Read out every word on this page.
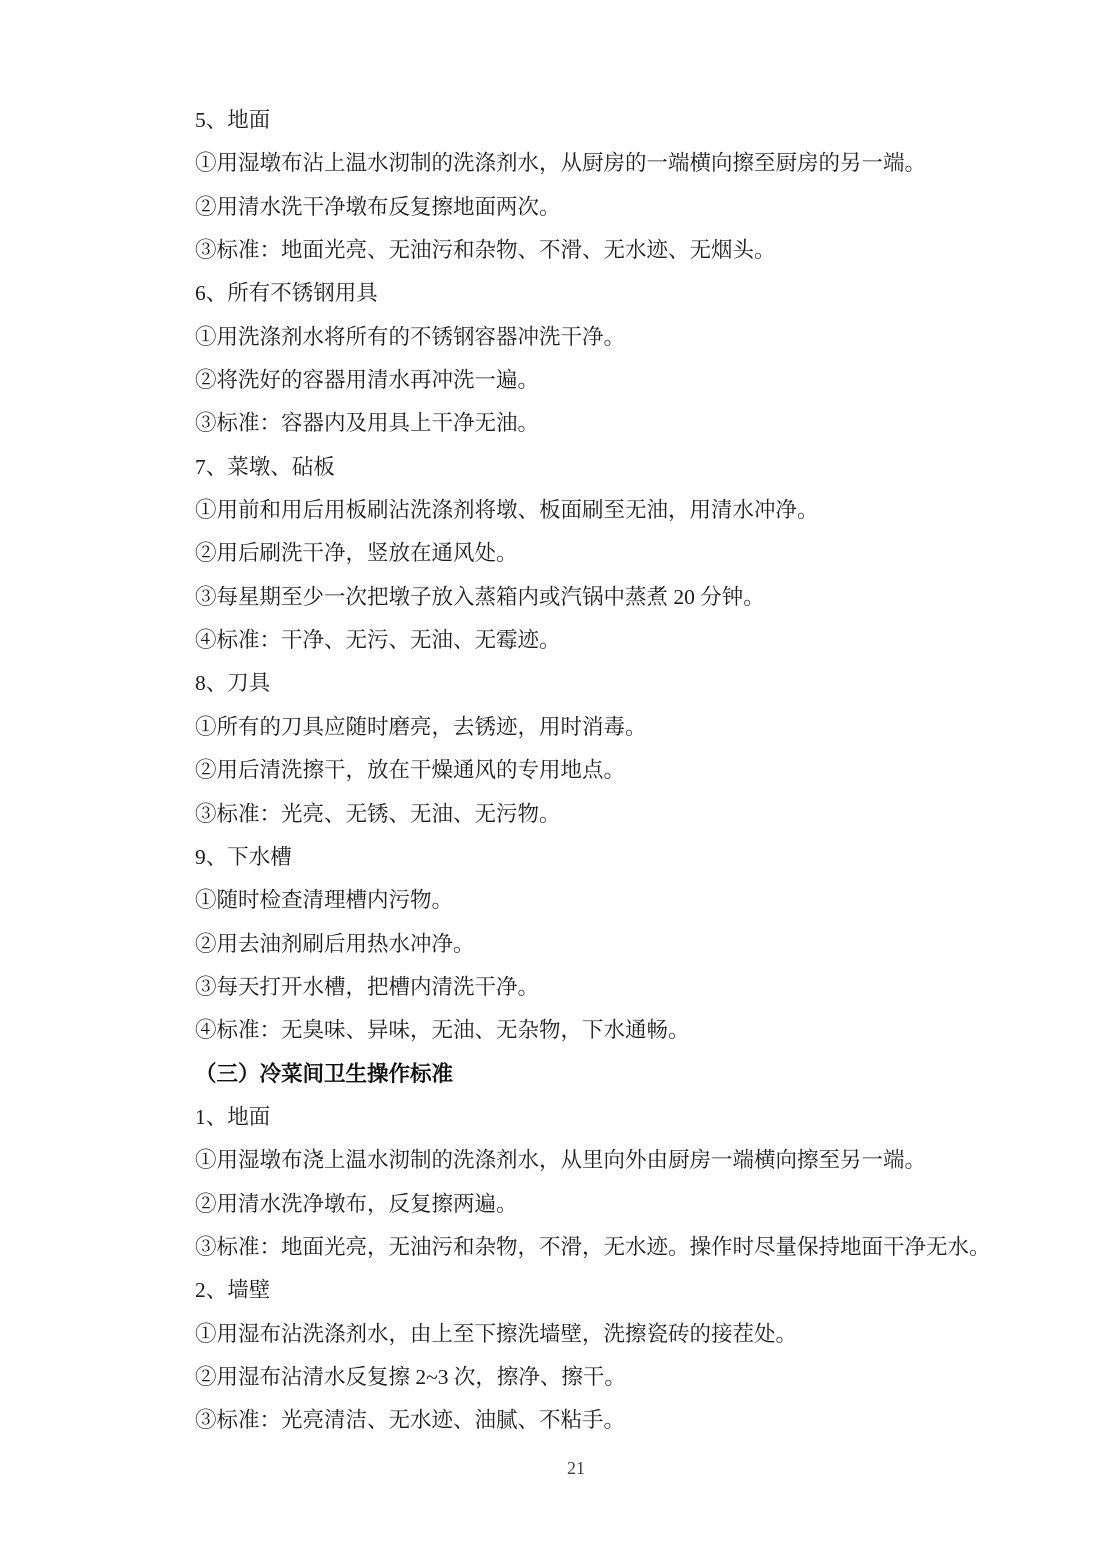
5、地面

①用湿墩布沾上温水沏制的洗涤剂水，从厨房的一端横向擦至厨房的另一端。

②用清水洗干净墩布反复擦地面两次。

③标准：地面光亮、无油污和杂物、不滑、无水迹、无烟头。

6、所有不锈钢用具

①用洗涤剂水将所有的不锈钢容器冲洗干净。

②将洗好的容器用清水再冲洗一遍。

③标准：容器内及用具上干净无油。

7、菜墩、砧板

①用前和用后用板刷沾洗涤剂将墩、板面刷至无油，用清水冲净。

②用后刷洗干净，竖放在通风处。

③每星期至少一次把墩子放入蒸箱内或汽锅中蒸煮 20 分钟。

④标准：干净、无污、无油、无霉迹。

8、刀具

①所有的刀具应随时磨亮，去锈迹，用时消毒。

②用后清洗擦干，放在干燥通风的专用地点。

③标准：光亮、无锈、无油、无污物。

9、下水槽

①随时检查清理槽内污物。

②用去油剂刷后用热水冲净。

③每天打开水槽，把槽内清洗干净。

④标准：无臭味、异味，无油、无杂物，下水通畅。

（三）冷菜间卫生操作标准

1、地面

①用湿墩布浇上温水沏制的洗涤剂水，从里向外由厨房一端横向擦至另一端。

②用清水洗净墩布，反复擦两遍。

③标准：地面光亮，无油污和杂物，不滑，无水迹。操作时尽量保持地面干净无水。

2、墙壁

①用湿布沾洗涤剂水，由上至下擦洗墙壁，洗擦瓷砖的接茬处。

②用湿布沾清水反复擦 2~3 次，擦净、擦干。

③标准：光亮清洁、无水迹、油腻、不粘手。

21
